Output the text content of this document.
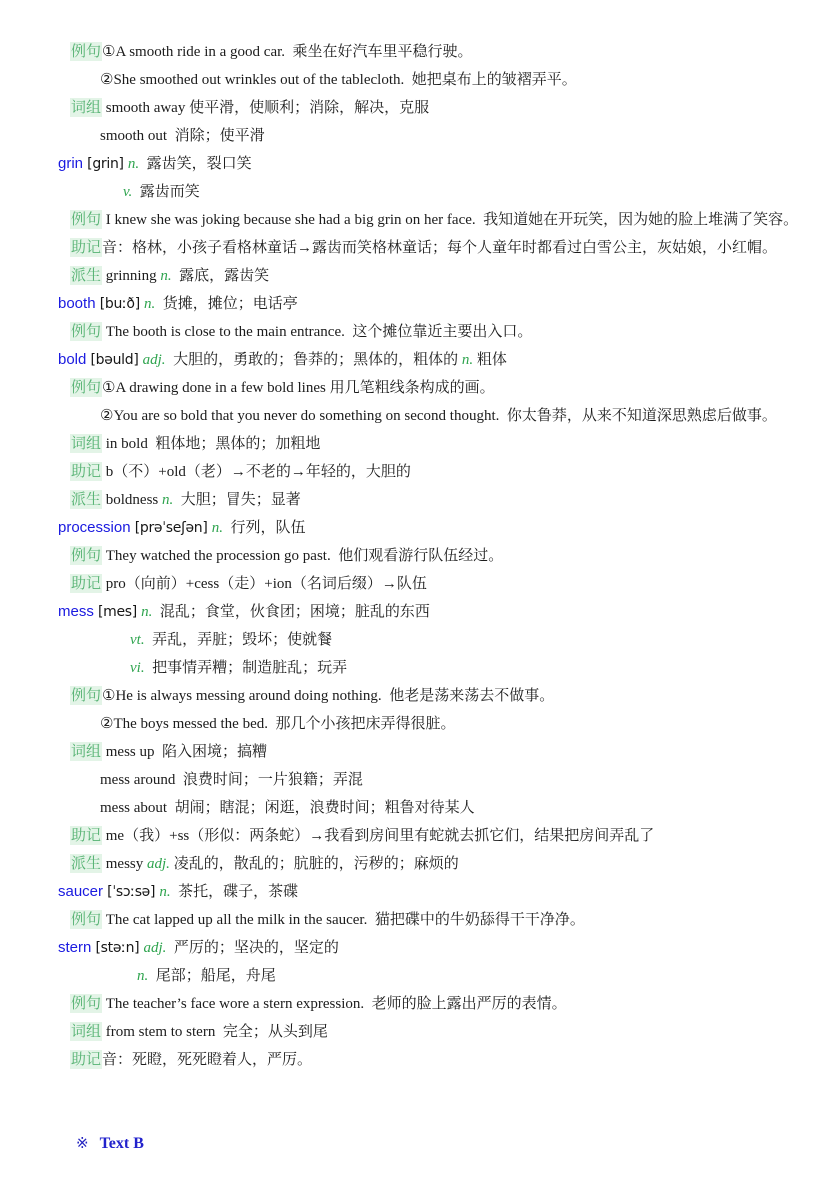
例句①A smooth ride in a good car.  乘坐在好汽车里平稳行驶。
②She smoothed out wrinkles out of the tablecloth.  她把桌布上的皱褶弄平。
词组 smooth away 使平滑，使顺利；消除，解决，克服
smooth out  消除；使平滑
grin [grin] n.  露齿笑，裂口笑
v.  露齿而笑
例句 I knew she was joking because she had a big grin on her face.  我知道她在开玩笑，因为她的脸上堆满了笑容。
助记音：格林，小孩子看格林童话→露齿而笑格林童话；每个人童年时都看过白雪公主，灰姑娘，小红帽。
派生 grinning n.  露底，露齿笑
booth [buːð] n.  货摊，摊位；电话亭
例句 The booth is close to the main entrance.  这个摊位靠近主要出入口。
bold [bəuld] adj.  大胆的，勇敢的；鲁莽的；黑体的，粗体的 n. 粗体
例句①A drawing done in a few bold lines 用几笔粗线条构成的画。
②You are so bold that you never do something on second thought.  你太鲁莽，从来不知道深思熟虑后做事。
词组 in bold  粗体地；黑体的；加粗地
助记 b（不）+old（老）→不老的→年轻的，大胆的
派生 boldness n.  大胆；冒失；显著
procession [prəˈseʃən] n.  行列，队伍
例句 They watched the procession go past.  他们观看游行队伍经过。
助记 pro（向前）+cess（走）+ion（名词后缀）→队伍
mess [mes] n.  混乱；食堂，伙食团；困境；脏乱的东西
vt.  弄乱，弄脏；毁坏；使就餐
vi.  把事情弄糟；制造脏乱；玩弄
例句①He is always messing around doing nothing.  他老是荡来荡去不做事。
②The boys messed the bed.  那几个小孩把床弄得很脏。
词组 mess up  陷入困境；搞糟
mess around  浪费时间；一片狼籍；弄混
mess about  胡闹；瞎混；闲逛，浪费时间；粗鲁对待某人
助记 me（我）+ss（形似：两条蛇）→我看到房间里有蛇就去抓它们，结果把房间弄乱了
派生 messy adj. 凌乱的，散乱的；肮脏的，污秽的；麻烦的
saucer [ˈsɔːsə] n.  茶托，碟子，茶碟
例句 The cat lapped up all the milk in the saucer.  猫把碟中的牛奶舔得干干净净。
stern [stəːn] adj.  严厉的；坚决的，坚定的
n.  尾部；船尾，舟尾
例句 The teacher’s face wore a stern expression.  老师的脸上露出严厉的表情。
词组 from stem to stern  完全；从头到尾
助记音：死瞪，死死瞪着人，严厉。

※ Text B
